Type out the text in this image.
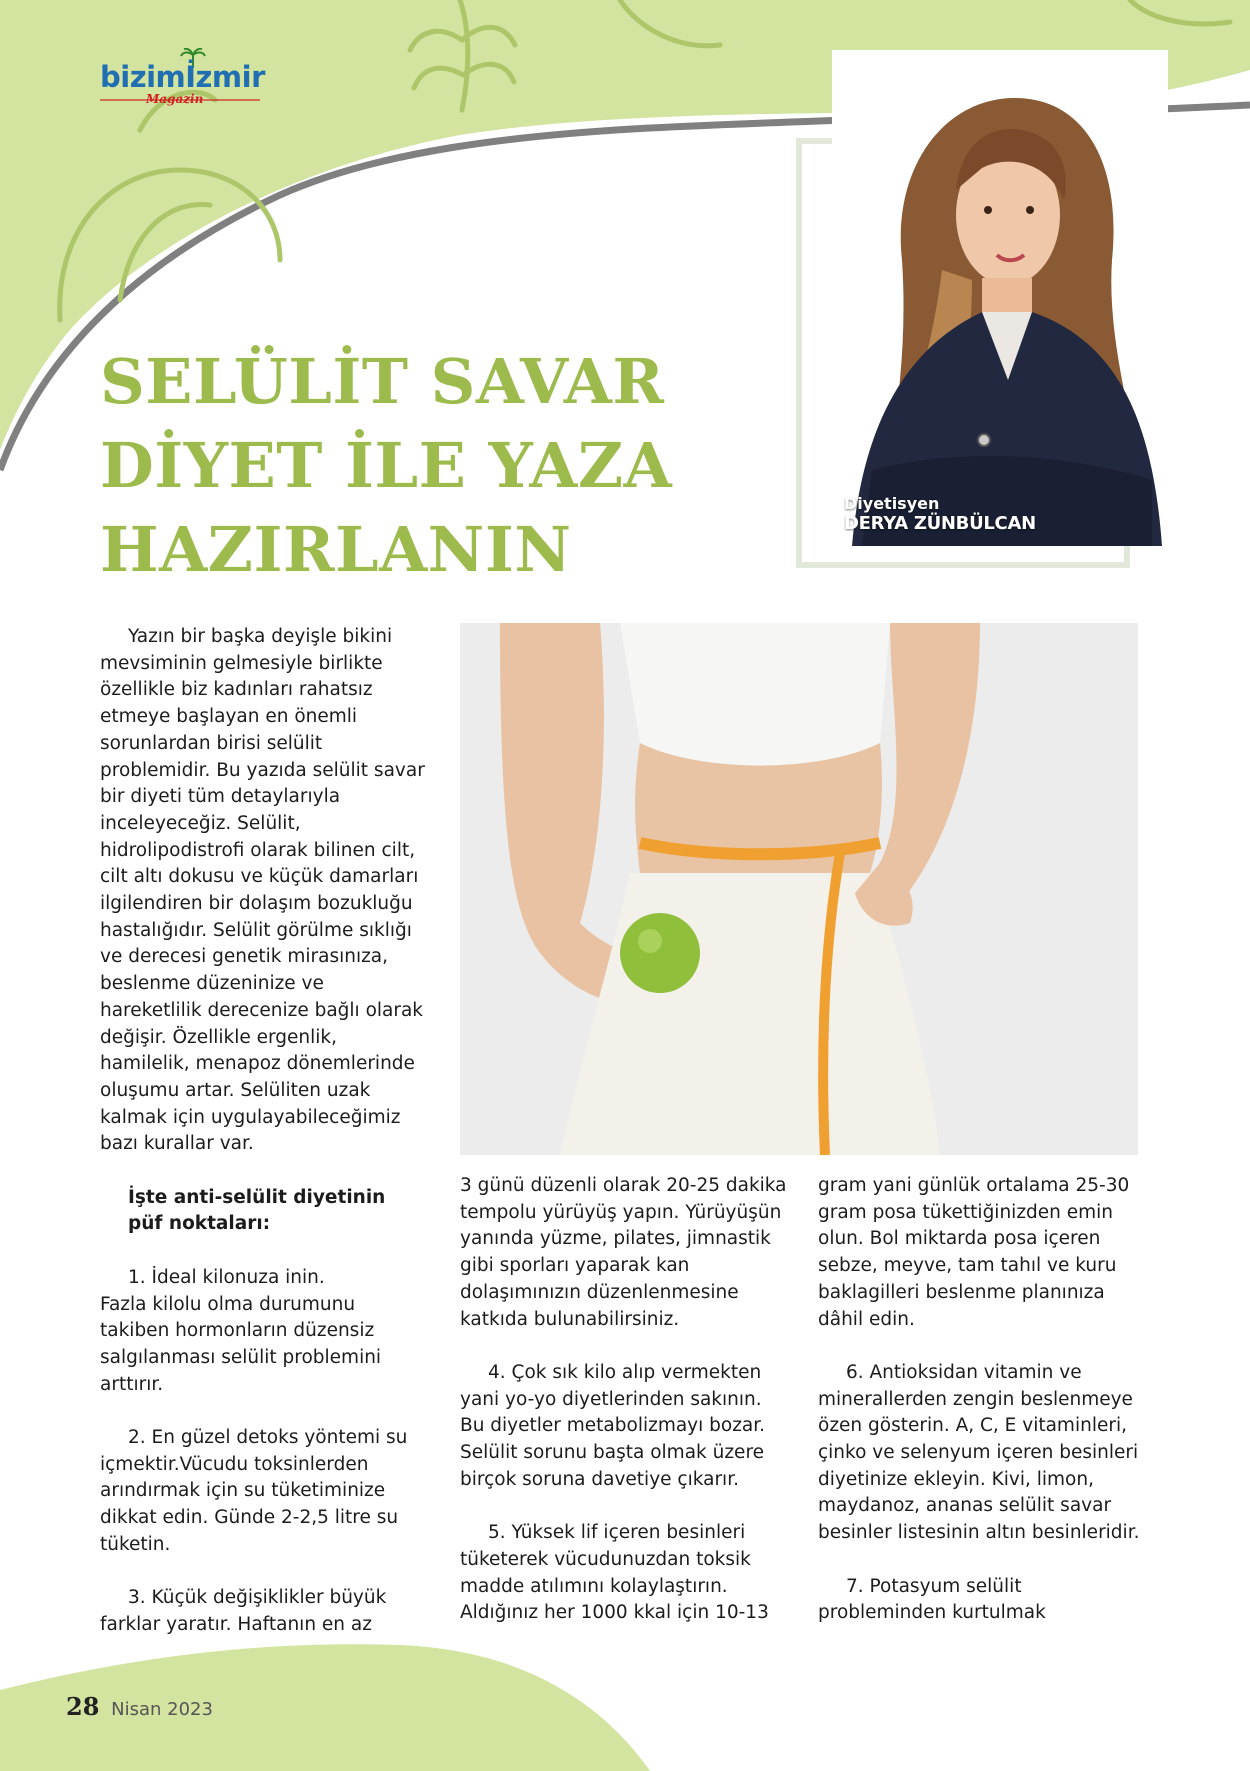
bizimİzmir
Magazin
SELÜLİT SAVAR
DİYET İLE YAZA
HAZIRLANIN
Diyetisyen
DERYA ZÜNBÜLCAN

Yazın bir başka deyişle bikini mevsiminin gelmesiyle birlikte özellikle biz kadınları rahatsız etmeye başlayan en önemli sorunlardan birisi selülit problemidir. Bu yazıda selülit savar bir diyeti tüm detaylarıyla inceleyeceğiz. Selülit, hidrolipodistrofi olarak bilinen cilt, cilt altı dokusu ve küçük damarları ilgilendiren bir dolaşım bozukluğu hastalığıdır. Selülit görülme sıklığı ve derecesi genetik mirasınıza, beslenme düzeninize ve hareketlilik derecenize bağlı olarak değişir. Özellikle ergenlik, hamilelik, menapoz dönemlerinde oluşumu artar. Selüliten uzak kalmak için uygulayabileceğimiz bazı kurallar var.

İşte anti-selülit diyetinin

püf noktaları:

1. İdeal kilonuza inin.

Fazla kilolu olma durumunu takiben hormonların düzensiz salgılanması selülit problemini arttırır.

2. En güzel detoks yöntemi su içmektir.Vücudu toksinlerden arındırmak için su tüketiminize dikkat edin. Günde 2-2,5 litre su tüketin.

3. Küçük değişiklikler büyük farklar yaratır. Haftanın en az

3 günü düzenli olarak 20-25 dakika tempolu yürüyüş yapın. Yürüyüşün yanında yüzme, pilates, jimnastik gibi sporları yaparak kan dolaşımınızın düzenlenmesine katkıda bulunabilirsiniz.

4. Çok sık kilo alıp vermekten yani yo-yo diyetlerinden sakının. Bu diyetler metabolizmayı bozar. Selülit sorunu başta olmak üzere birçok soruna davetiye çıkarır.

5. Yüksek lif içeren besinleri tüketerek vücudunuzdan toksik madde atılımını kolaylaştırın. Aldığınız her 1000 kkal için 10-13

gram yani günlük ortalama 25-30 gram posa tükettiğinizden emin olun. Bol miktarda posa içeren sebze, meyve, tam tahıl ve kuru baklagilleri beslenme planınıza dâhil edin.

6. Antioksidan vitamin ve minerallerden zengin beslenmeye özen gösterin. A, C, E vitaminleri, çinko ve selenyum içeren besinleri diyetinize ekleyin. Kivi, limon, maydanoz, ananas selülit savar besinler listesinin altın besinleridir.

7. Potasyum selülit probleminden kurtulmak

28 Nisan 2023
